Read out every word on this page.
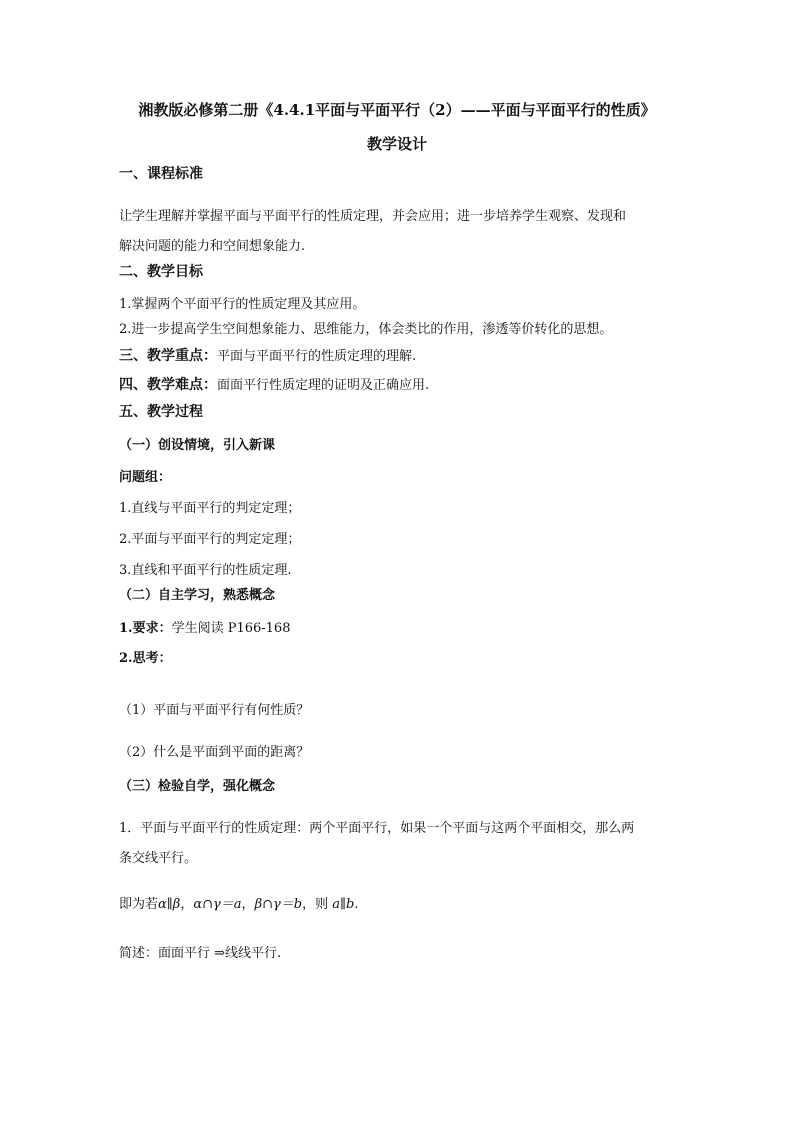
湘教版必修第二册《4.4.1平面与平面平行（2）——平面与平面平行的性质》
教学设计
一、课程标准
让学生理解并掌握平面与平面平行的性质定理，并会应用；进一步培养学生观察、发现和
解决问题的能力和空间想象能力.
二、教学目标
1.掌握两个平面平行的性质定理及其应用。
2.进一步提高学生空间想象能力、思维能力，体会类比的作用，渗透等价转化的思想。
三、教学重点：平面与平面平行的性质定理的理解.
四、教学难点：面面平行性质定理的证明及正确应用.
五、教学过程
（一）创设情境，引入新课
问题组：
1.直线与平面平行的判定定理；
2.平面与平面平行的判定定理；
3.直线和平面平行的性质定理.
（二）自主学习，熟悉概念
1.要求：学生阅读 P166-168
2.思考：
（1）平面与平面平行有何性质？
（2）什么是平面到平面的距离？
（三）检验自学，强化概念
1．平面与平面平行的性质定理：两个平面平行，如果一个平面与这两个平面相交，那么两
条交线平行。
即为若α∥β，α∩γ＝a，β∩γ＝b，则 a∥b.
简述：面面平行 ⇒线线平行.
